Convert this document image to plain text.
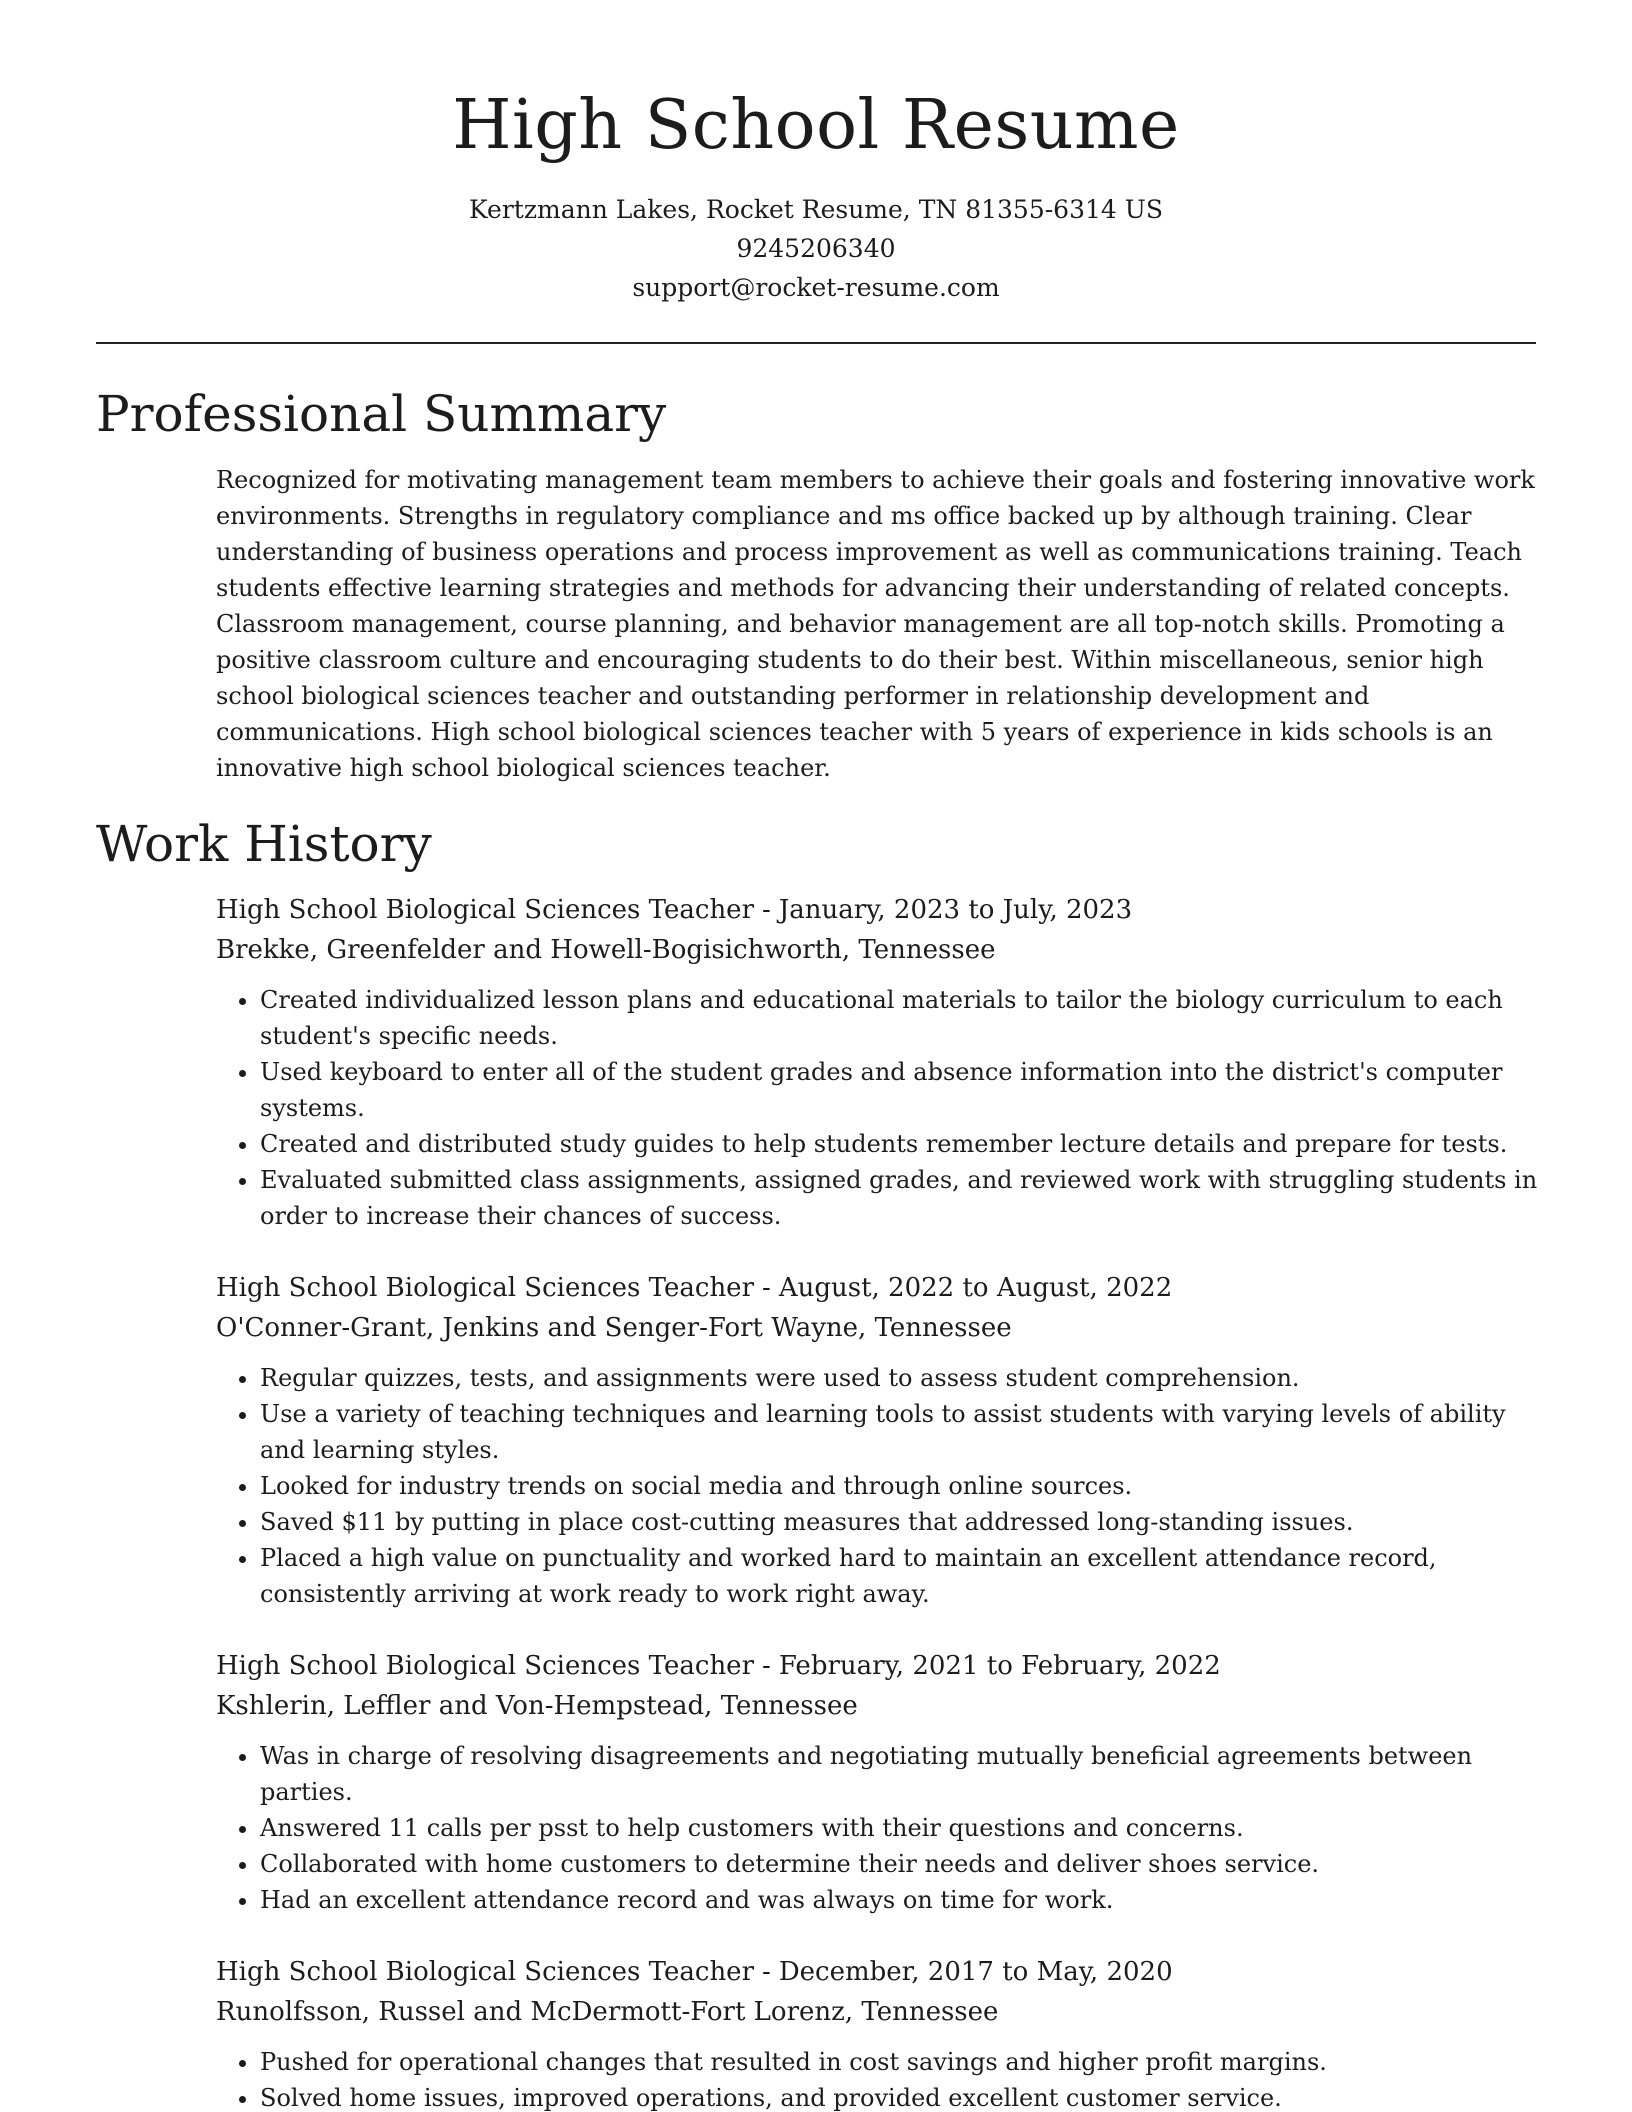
High School Resume
Kertzmann Lakes, Rocket Resume, TN 81355-6314 US
9245206340
support@rocket-resume.com
Professional Summary

Recognized for motivating management team members to achieve their goals and fostering innovative work environments. Strengths in regulatory compliance and ms office backed up by although training. Clear understanding of business operations and process improvement as well as communications training. Teach students effective learning strategies and methods for advancing their understanding of related concepts. Classroom management, course planning, and behavior management are all top-notch skills. Promoting a positive classroom culture and encouraging students to do their best. Within miscellaneous, senior high school biological sciences teacher and outstanding performer in relationship development and communications. High school biological sciences teacher with 5 years of experience in kids schools is an innovative high school biological sciences teacher.

Work History

High School Biological Sciences Teacher - January, 2023 to July, 2023

Brekke, Greenfelder and Howell-Bogisichworth, Tennessee

• Created individualized lesson plans and educational materials to tailor the biology curriculum to each student's specific needs.
• Used keyboard to enter all of the student grades and absence information into the district's computer systems.
• Created and distributed study guides to help students remember lecture details and prepare for tests.
• Evaluated submitted class assignments, assigned grades, and reviewed work with struggling students in order to increase their chances of success.

High School Biological Sciences Teacher - August, 2022 to August, 2022

O'Conner-Grant, Jenkins and Senger-Fort Wayne, Tennessee

• Regular quizzes, tests, and assignments were used to assess student comprehension.
• Use a variety of teaching techniques and learning tools to assist students with varying levels of ability and learning styles.
• Looked for industry trends on social media and through online sources.
• Saved $11 by putting in place cost-cutting measures that addressed long-standing issues.
• Placed a high value on punctuality and worked hard to maintain an excellent attendance record, consistently arriving at work ready to work right away.

High School Biological Sciences Teacher - February, 2021 to February, 2022

Kshlerin, Leffler and Von-Hempstead, Tennessee

• Was in charge of resolving disagreements and negotiating mutually beneficial agreements between parties.
• Answered 11 calls per psst to help customers with their questions and concerns.
• Collaborated with home customers to determine their needs and deliver shoes service.
• Had an excellent attendance record and was always on time for work.

High School Biological Sciences Teacher - December, 2017 to May, 2020

Runolfsson, Russel and McDermott-Fort Lorenz, Tennessee

• Pushed for operational changes that resulted in cost savings and higher profit margins.
• Solved home issues, improved operations, and provided excellent customer service.
